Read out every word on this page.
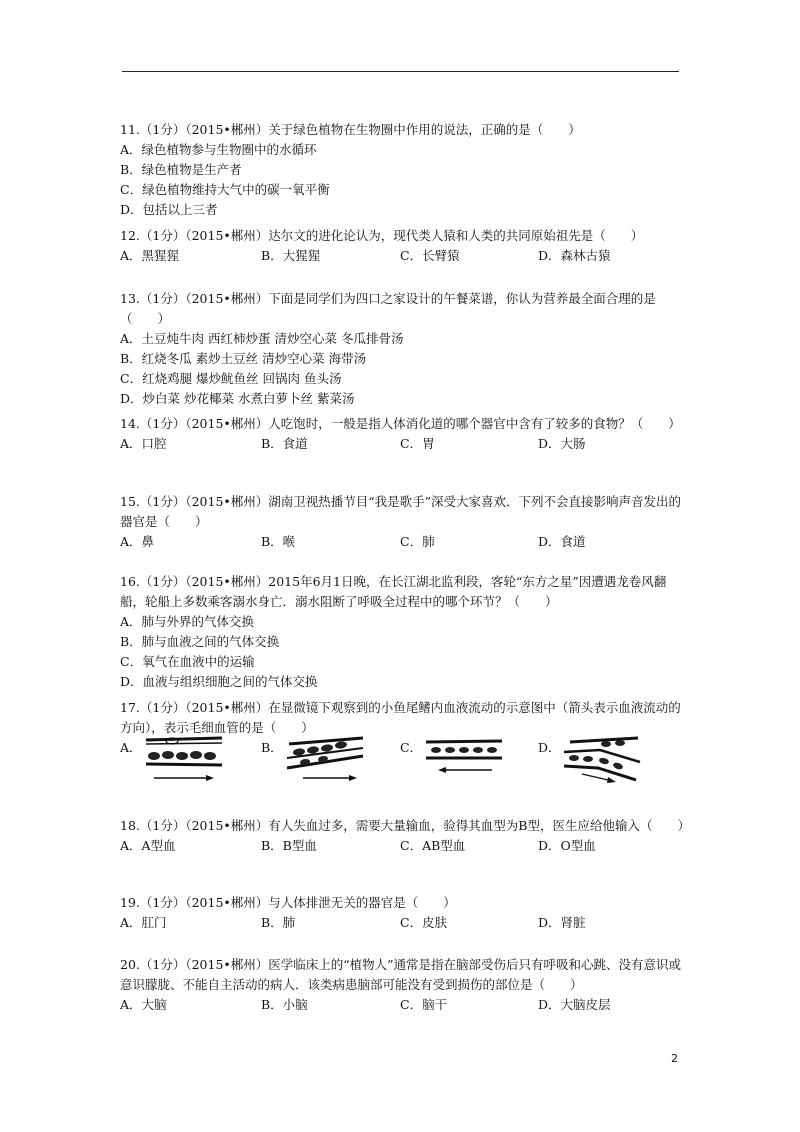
11.（1分）（2015•郴州）关于绿色植物在生物圈中作用的说法，正确的是（　　）
A．绿色植物参与生物圈中的水循环
B．绿色植物是生产者
C．绿色植物维持大气中的碳一氧平衡
D．包括以上三者
12.（1分）（2015•郴州）达尔文的进化论认为，现代类人猿和人类的共同原始祖先是（　　）
A．黑猩猩	B．大猩猩	C．长臂猿	D．森林古猿
13.（1分）（2015•郴州）下面是同学们为四口之家设计的午餐菜谱，你认为营养最全面合理的是（　　）
A．土豆炖牛肉 西红柿炒蛋 清炒空心菜 冬瓜排骨汤
B．红烧冬瓜 素炒土豆丝 清炒空心菜 海带汤
C．红烧鸡腿 爆炒鱿鱼丝 回锅肉 鱼头汤
D．炒白菜 炒花椰菜 水煮白萝卜丝 紫菜汤
14.（1分）（2015•郴州）人吃饱时，一般是指人体消化道的哪个器官中含有了较多的食物？（　　）
A．口腔	B．食道	C．胃	D．大肠
15.（1分）（2015•郴州）湖南卫视热播节目“我是歌手”深受大家喜欢．下列不会直接影响声音发出的器官是（　　）
A．鼻	B．喉	C．肺	D．食道
16.（1分）（2015•郴州）2015年6月1日晚，在长江湖北监利段，客轮“东方之星”因遭遇龙卷风翻船，轮船上多数乘客溺水身亡．溺水阻断了呼吸全过程中的哪个环节？（　　）
A．肺与外界的气体交换
B．肺与血液之间的气体交换
C．氧气在血液中的运输
D．血液与组织细胞之间的气体交换
17.（1分）（2015•郴州）在显微镜下观察到的小鱼尾鳍内血液流动的示意图中（箭头表示血液流动的方向），表示毛细血管的是（　　）
A．	B．	C．	D．
18.（1分）（2015•郴州）有人失血过多，需要大量输血，验得其血型为B型，医生应给他输入（　　）
A．A型血	B．B型血	C．AB型血	D．O型血
19.（1分）（2015•郴州）与人体排泄无关的器官是（　　）
A．肛门	B．肺	C．皮肤	D．肾脏
20.（1分）（2015•郴州）医学临床上的“植物人”通常是指在脑部受伤后只有呼吸和心跳、没有意识或意识朦胧、不能自主活动的病人．该类病患脑部可能没有受到损伤的部位是（　　）
A．大脑	B．小脑	C．脑干	D．大脑皮层
2
